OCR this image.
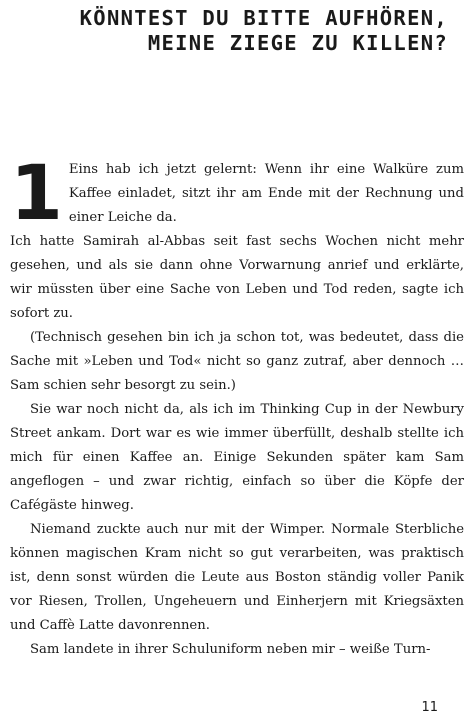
KÖNNTEST DU BITTE AUFHÖREN,
MEINE ZIEGE ZU KILLEN?
1 Eins hab ich jetzt gelernt: Wenn ihr eine Walküre zum Kaffee einladet, sitzt ihr am Ende mit der Rechnung und einer Leiche da.

Ich hatte Samirah al-Abbas seit fast sechs Wochen nicht mehr gesehen, und als sie dann ohne Vorwarnung anrief und erklärte, wir müssten über eine Sache von Leben und Tod reden, sagte ich sofort zu.

(Technisch gesehen bin ich ja schon tot, was bedeutet, dass die Sache mit »Leben und Tod« nicht so ganz zutraf, aber dennoch … Sam schien sehr besorgt zu sein.)

Sie war noch nicht da, als ich im Thinking Cup in der Newbury Street ankam. Dort war es wie immer überfüllt, deshalb stellte ich mich für einen Kaffee an. Einige Sekunden später kam Sam angeflogen – und zwar richtig, einfach so über die Köpfe der Cafégäste hinweg.

Niemand zuckte auch nur mit der Wimper. Normale Sterbliche können magischen Kram nicht so gut verarbeiten, was praktisch ist, denn sonst würden die Leute aus Boston ständig voller Panik vor Riesen, Trollen, Ungeheuern und Einherjern mit Kriegsäxten und Caffè Latte davonrennen.

Sam landete in ihrer Schuluniform neben mir – weiße Turn-

11
